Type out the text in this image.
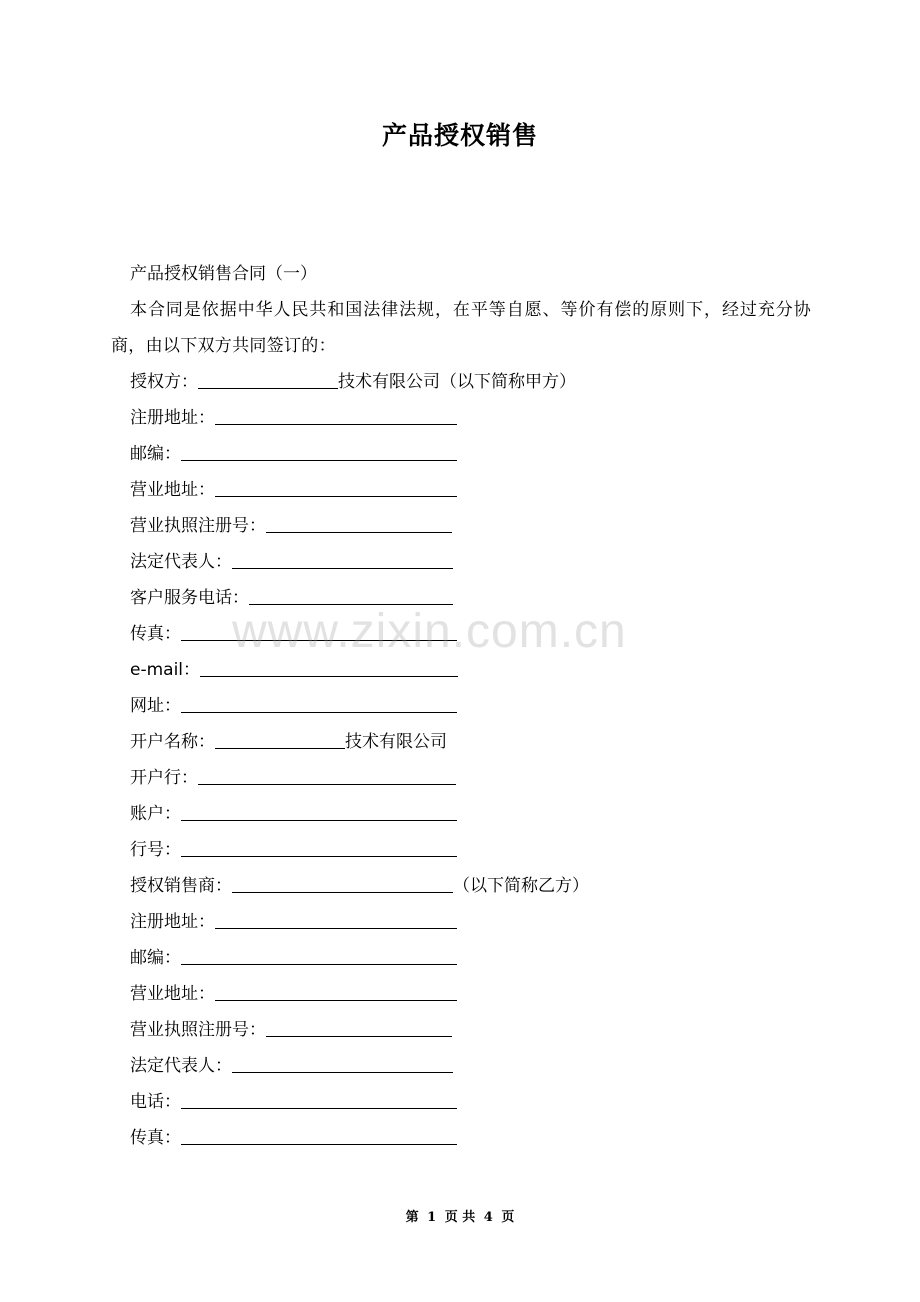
产品授权销售

产品授权销售合同（一）

本合同是依据中华人民共和国法律法规，在平等自愿、等价有偿的原则下，经过充分协商，由以下双方共同签订的：

授权方：	技术有限公司（以下简称甲方）

注册地址：

邮编：

营业地址：

营业执照注册号：

法定代表人：

客户服务电话：

传真：

e-mail：

网址：

开户名称：	技术有限公司

开户行：

账户：

行号：

授权销售商：	（以下简称乙方）

注册地址：

邮编：

营业地址：

营业执照注册号：

法定代表人：

电话：

传真：

www.zixin.com.cn
第 1 页 共 4 页
